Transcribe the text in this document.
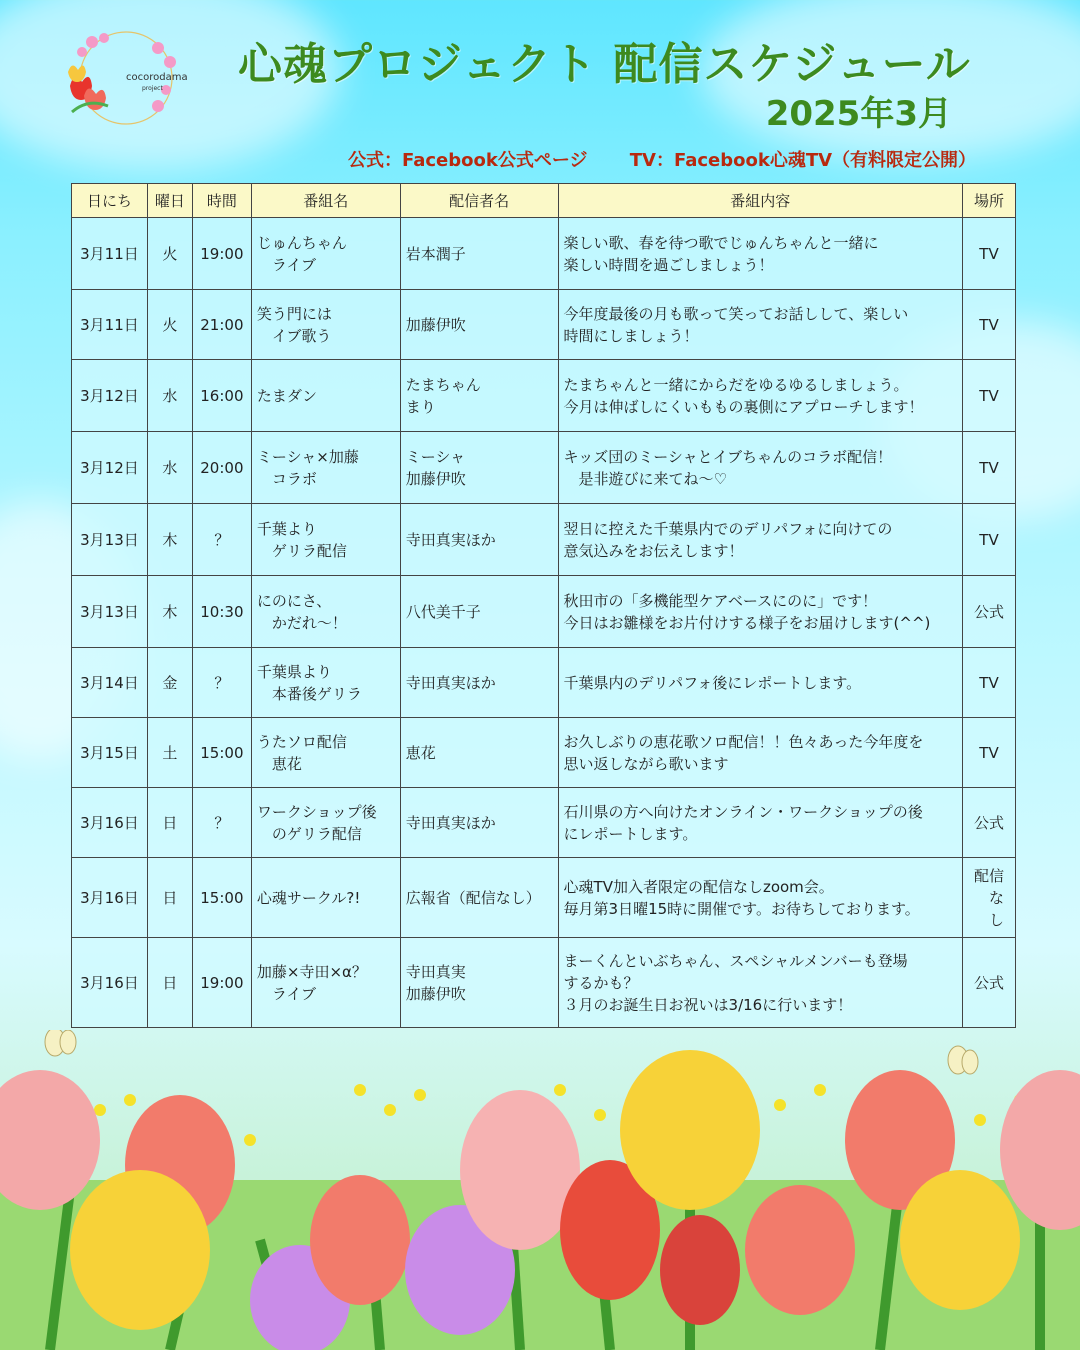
cocorodama
project 心魂プロジェクト 配信スケジュール
2025年3月
公式：Facebook公式ページ TV：Facebook心魂TV（有料限定公開）
日にち	曜日	時間	番組名	配信者名	番組内容	場所
3月11日	火	19:00	じゅんちゃん
　ライブ	岩本潤子	楽しい歌、春を待つ歌でじゅんちゃんと一緒に
楽しい時間を過ごしましょう！	TV
3月11日	火	21:00	笑う門には
　イブ歌う	加藤伊吹	今年度最後の月も歌って笑ってお話しして、楽しい
時間にしましょう！	TV
3月12日	水	16:00	たまダン	たまちゃん
まり	たまちゃんと一緒にからだをゆるゆるしましょう。
今月は伸ばしにくいももの裏側にアプローチします！	TV
3月12日	水	20:00	ミーシャ×加藤
　コラボ	ミーシャ
加藤伊吹	キッズ団のミーシャとイブちゃんのコラボ配信！
　是非遊びに来てね～♡	TV
3月13日	木	？	千葉より
　ゲリラ配信	寺田真実ほか	翌日に控えた千葉県内でのデリパフォに向けての
意気込みをお伝えします！	TV
3月13日	木	10:30	にのにさ、
　かだれ～！	八代美千子	秋田市の「多機能型ケアベースにのに」です！
今日はお雛様をお片付けする様子をお届けします(^^)	公式
3月14日	金	？	千葉県より
　本番後ゲリラ	寺田真実ほか	千葉県内のデリパフォ後にレポートします。	TV
3月15日	土	15:00	うたソロ配信
　恵花	恵花	お久しぶりの恵花歌ソロ配信！！色々あった今年度を
思い返しながら歌います	TV
3月16日	日	？	ワークショップ後
　のゲリラ配信	寺田真実ほか	石川県の方へ向けたオンライン・ワークショップの後
にレポートします。	公式
3月16日	日	15:00	心魂サークル?!	広報省（配信なし）	心魂TV加入者限定の配信なしzoom会。
毎月第3日曜15時に開催です。お待ちしております。	配信
　な
　し
3月16日	日	19:00	加藤×寺田×α？
　ライブ	寺田真実
加藤伊吹	まーくんといぶちゃん、スペシャルメンバーも登場
するかも？
３月のお誕生日お祝いは3/16に行います！	公式
